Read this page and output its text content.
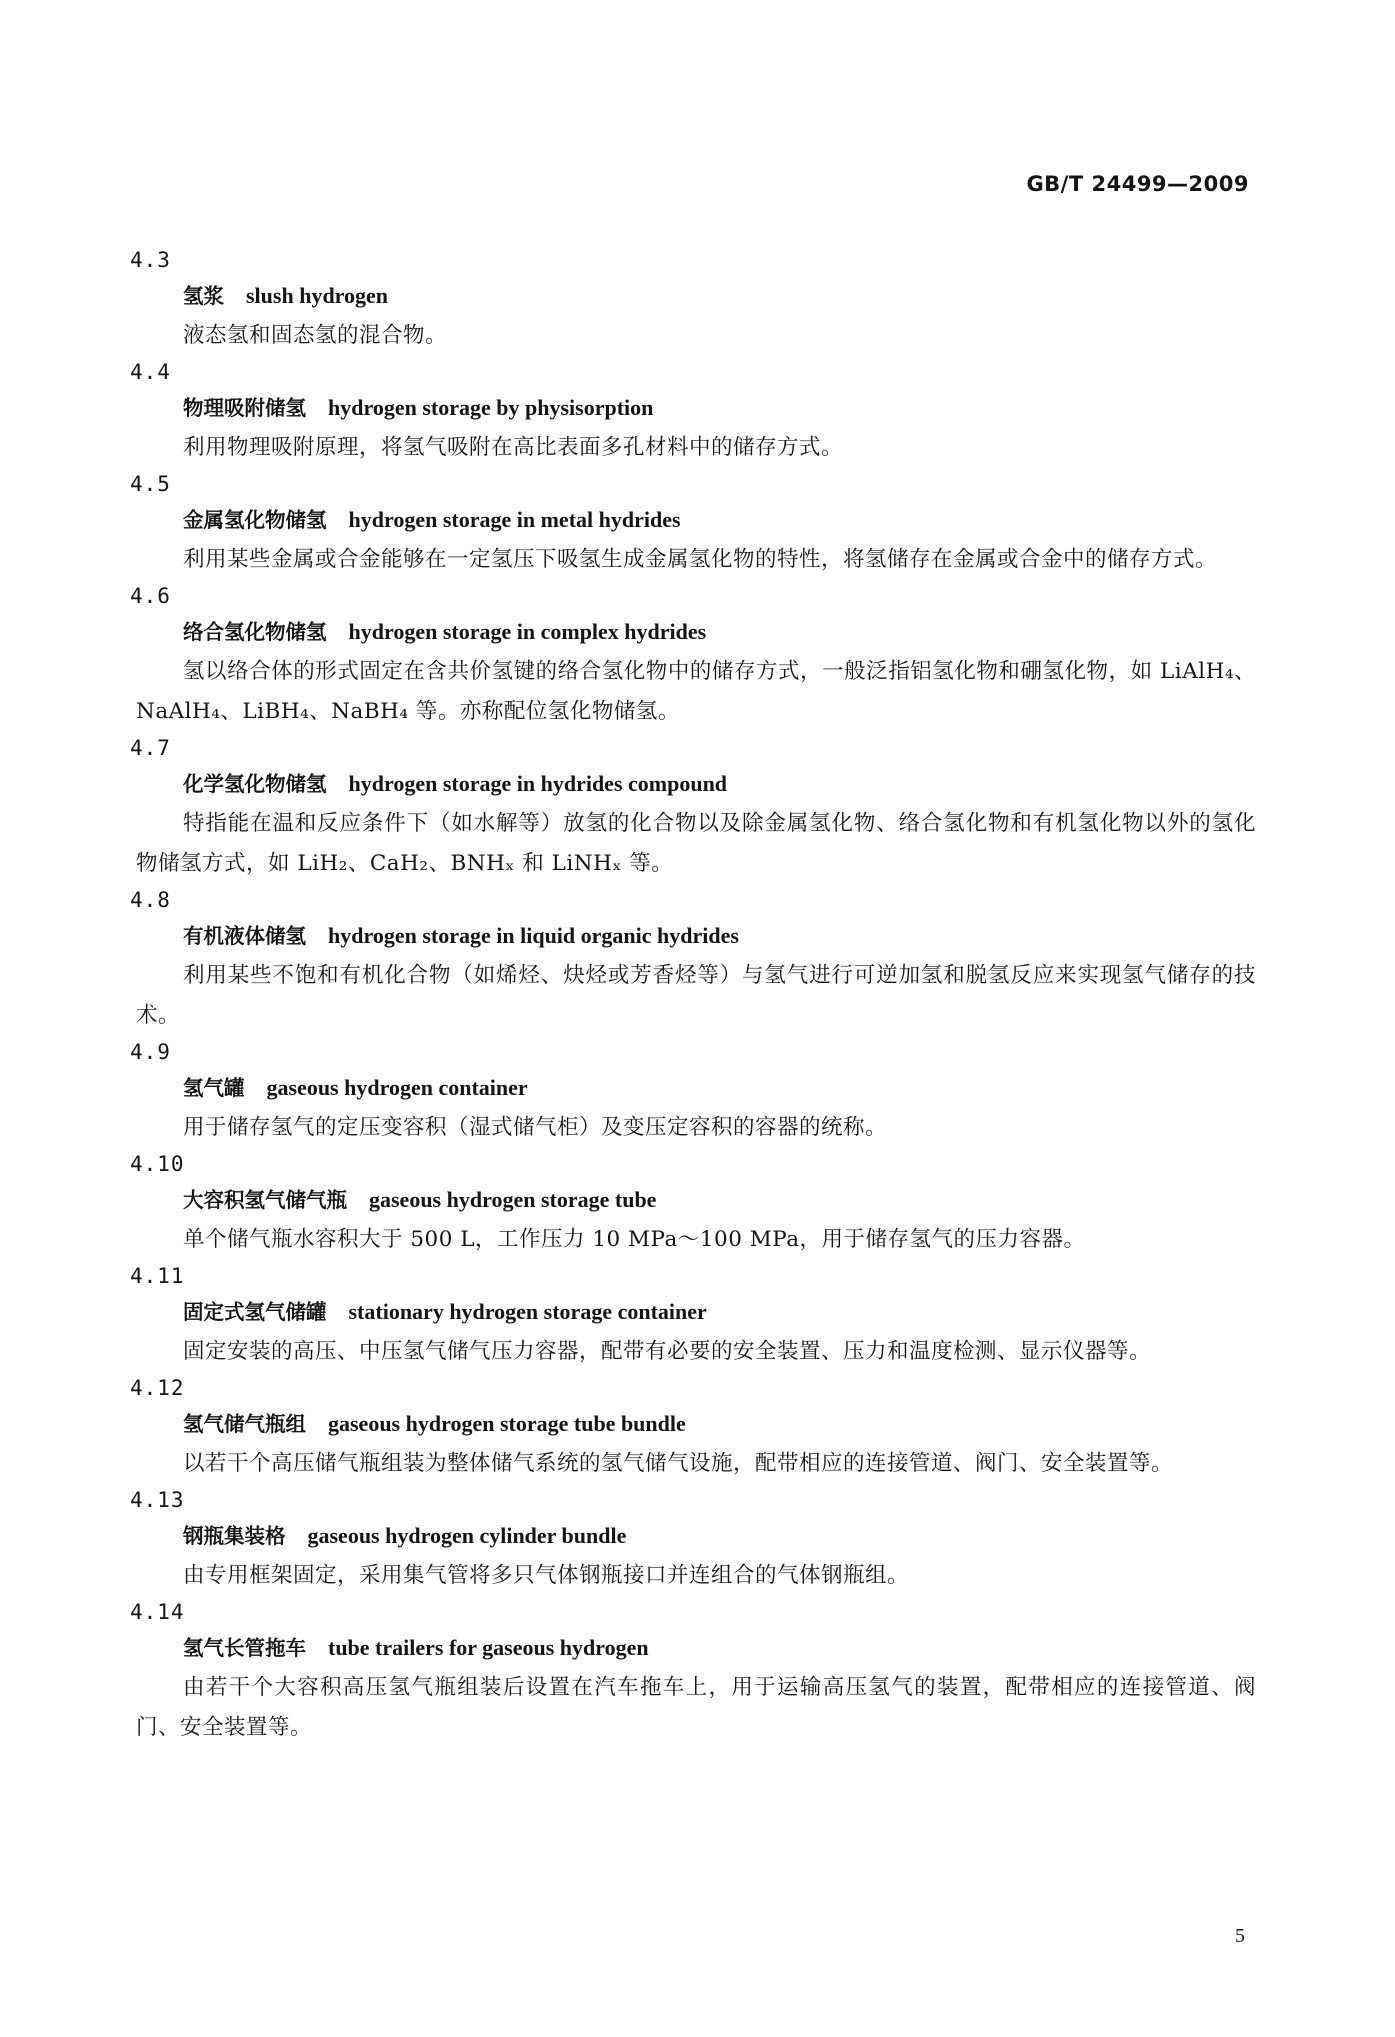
GB/T 24499—2009
4.3
氢浆 slush hydrogen
液态氢和固态氢的混合物。
4.4
物理吸附储氢 hydrogen storage by physisorption
利用物理吸附原理，将氢气吸附在高比表面多孔材料中的储存方式。
4.5
金属氢化物储氢 hydrogen storage in metal hydrides
利用某些金属或合金能够在一定氢压下吸氢生成金属氢化物的特性，将氢储存在金属或合金中的储存方式。
4.6
络合氢化物储氢 hydrogen storage in complex hydrides
氢以络合体的形式固定在含共价氢键的络合氢化物中的储存方式，一般泛指铝氢化物和硼氢化物，如 LiAlH₄、NaAlH₄、LiBH₄、NaBH₄ 等。亦称配位氢化物储氢。
4.7
化学氢化物储氢 hydrogen storage in hydrides compound
特指能在温和反应条件下（如水解等）放氢的化合物以及除金属氢化物、络合氢化物和有机氢化物以外的氢化物储氢方式，如 LiH₂、CaH₂、BNHₓ 和 LiNHₓ 等。
4.8
有机液体储氢 hydrogen storage in liquid organic hydrides
利用某些不饱和有机化合物（如烯烃、炔烃或芳香烃等）与氢气进行可逆加氢和脱氢反应来实现氢气储存的技术。
4.9
氢气罐 gaseous hydrogen container
用于储存氢气的定压变容积（湿式储气柜）及变压定容积的容器的统称。
4.10
大容积氢气储气瓶 gaseous hydrogen storage tube
单个储气瓶水容积大于 500 L，工作压力 10 MPa～100 MPa，用于储存氢气的压力容器。
4.11
固定式氢气储罐 stationary hydrogen storage container
固定安装的高压、中压氢气储气压力容器，配带有必要的安全装置、压力和温度检测、显示仪器等。
4.12
氢气储气瓶组 gaseous hydrogen storage tube bundle
以若干个高压储气瓶组装为整体储气系统的氢气储气设施，配带相应的连接管道、阀门、安全装置等。
4.13
钢瓶集装格 gaseous hydrogen cylinder bundle
由专用框架固定，采用集气管将多只气体钢瓶接口并连组合的气体钢瓶组。
4.14
氢气长管拖车 tube trailers for gaseous hydrogen
由若干个大容积高压氢气瓶组装后设置在汽车拖车上，用于运输高压氢气的装置，配带相应的连接管道、阀门、安全装置等。
5
